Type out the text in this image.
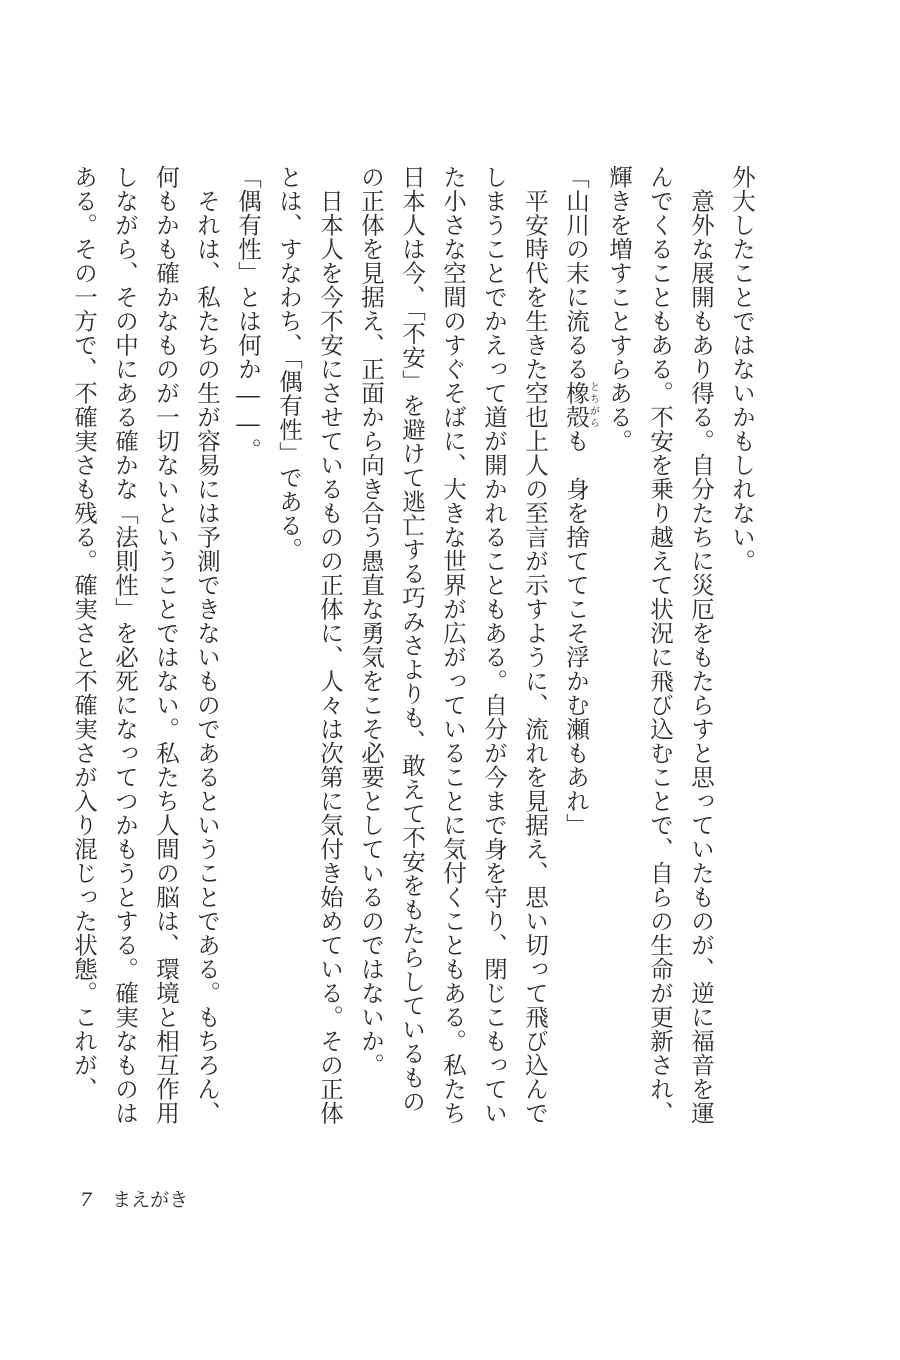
外大したことではないかもしれない。
　意外な展開もあり得る。自分たちに災厄をもたらすと思っていたものが、逆に福音を運
んでくることもある。不安を乗り越えて状況に飛び込むことで、自らの生命が更新され、
輝きを増すことすらある。
「山川の末に流るる橡殻とちがらも　身を捨ててこそ浮かむ瀬もあれ」
　平安時代を生きた空也上人の至言が示すように、流れを見据え、思い切って飛び込んで
しまうことでかえって道が開かれることもある。自分が今まで身を守り、閉じこもってい
た小さな空間のすぐそばに、大きな世界が広がっていることに気付くこともある。私たち
日本人は今、「不安」を避けて逃亡する巧みさよりも、敢えて不安をもたらしているもの
の正体を見据え、正面から向き合う愚直な勇気をこそ必要としているのではないか。
　日本人を今不安にさせているものの正体に、人々は次第に気付き始めている。その正体
とは、すなわち、「偶有性」である。
「偶有性」とは何か――。
　それは、私たちの生が容易には予測できないものであるということである。もちろん、
何もかも確かなものが一切ないということではない。私たち人間の脳は、環境と相互作用
しながら、その中にある確かな「法則性」を必死になってつかもうとする。確実なものは
ある。その一方で、不確実さも残る。確実さと不確実さが入り混じった状態。これが、
7 まえがき
